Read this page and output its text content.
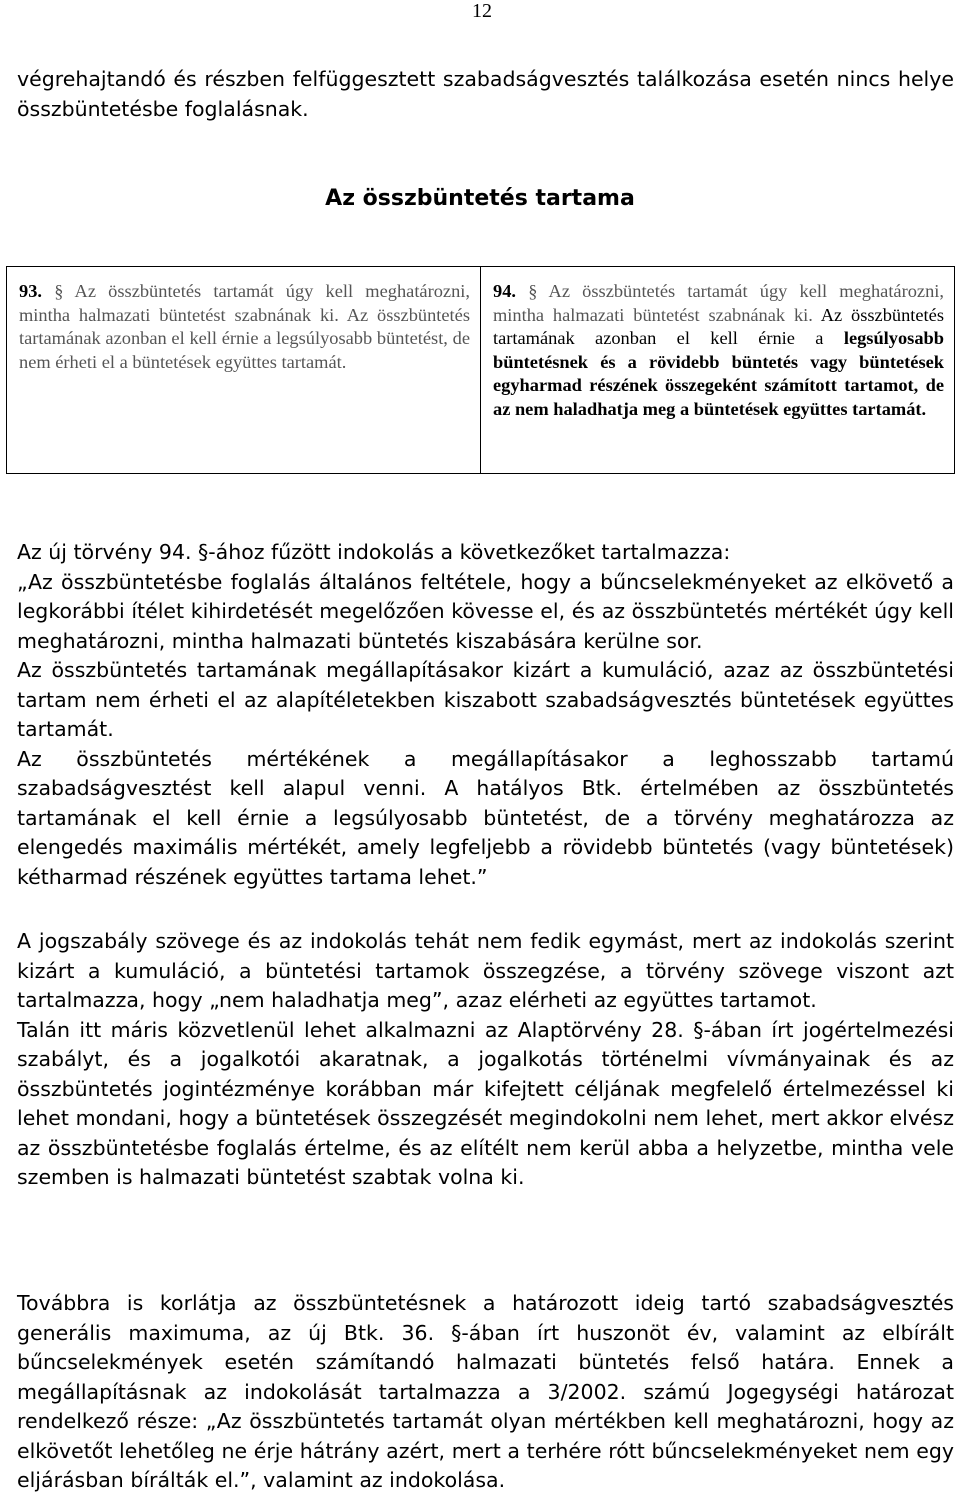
12

végrehajtandó és részben felfüggesztett szabadságvesztés találkozása esetén nincs helye összbüntetésbe foglalásnak.

Az összbüntetés tartama

93. § Az összbüntetés tartamát úgy kell meghatározni, mintha halmazati büntetést szabnának ki. Az összbüntetés tartamának azonban el kell érnie a legsúlyosabb büntetést, de nem érheti el a büntetések együttes tartamát.

94. § Az összbüntetés tartamát úgy kell meghatározni, mintha halmazati büntetést szabnának ki. Az összbüntetés tartamának azonban el kell érnie a legsúlyosabb büntetésnek és a rövidebb büntetés vagy büntetések egyharmad részének összegeként számított tartamot, de az nem haladhatja meg a büntetések együttes tartamát.

Az új törvény 94. §-ához fűzött indokolás a következőket tartalmazza:

„Az összbüntetésbe foglalás általános feltétele, hogy a bűncselekményeket az elkövető a legkorábbi ítélet kihirdetését megelőzően kövesse el, és az összbüntetés mértékét úgy kell meghatározni, mintha halmazati büntetés kiszabására kerülne sor.

Az összbüntetés tartamának megállapításakor kizárt a kumuláció, azaz az összbüntetési tartam nem érheti el az alapítéletekben kiszabott szabadságvesztés büntetések együttes tartamát.

Az összbüntetés mértékének a megállapításakor a leghosszabb tartamú szabadságvesztést kell alapul venni. A hatályos Btk. értelmében az összbüntetés tartamának el kell érnie a legsúlyosabb büntetést, de a törvény meghatározza az elengedés maximális mértékét, amely legfeljebb a rövidebb büntetés (vagy büntetések) kétharmad részének együttes tartama lehet.”

A jogszabály szövege és az indokolás tehát nem fedik egymást, mert az indokolás szerint kizárt a kumuláció, a büntetési tartamok összegzése, a törvény szövege viszont azt tartalmazza, hogy „nem haladhatja meg”, azaz elérheti az együttes tartamot.

Talán itt máris közvetlenül lehet alkalmazni az Alaptörvény 28. §-ában írt jogértelmezési szabályt, és a jogalkotói akaratnak, a jogalkotás történelmi vívmányainak és az összbüntetés jogintézménye korábban már kifejtett céljának megfelelő értelmezéssel ki lehet mondani, hogy a büntetések összegzését megindokolni nem lehet, mert akkor elvész az összbüntetésbe foglalás értelme, és az elítélt nem kerül abba a helyzetbe, mintha vele szemben is halmazati büntetést szabtak volna ki.

Továbbra is korlátja az összbüntetésnek a határozott ideig tartó szabadságvesztés generális maximuma, az új Btk. 36. §-ában írt huszonöt év, valamint az elbírált bűncselekmények esetén számítandó halmazati büntetés felső határa. Ennek a megállapításnak az indokolását tartalmazza a 3/2002. számú Jogegységi határozat rendelkező része: „Az összbüntetés tartamát olyan mértékben kell meghatározni, hogy az elkövetőt lehetőleg ne érje hátrány azért, mert a terhére rótt bűncselekményeket nem egy eljárásban bírálták el.”, valamint az indokolása.
